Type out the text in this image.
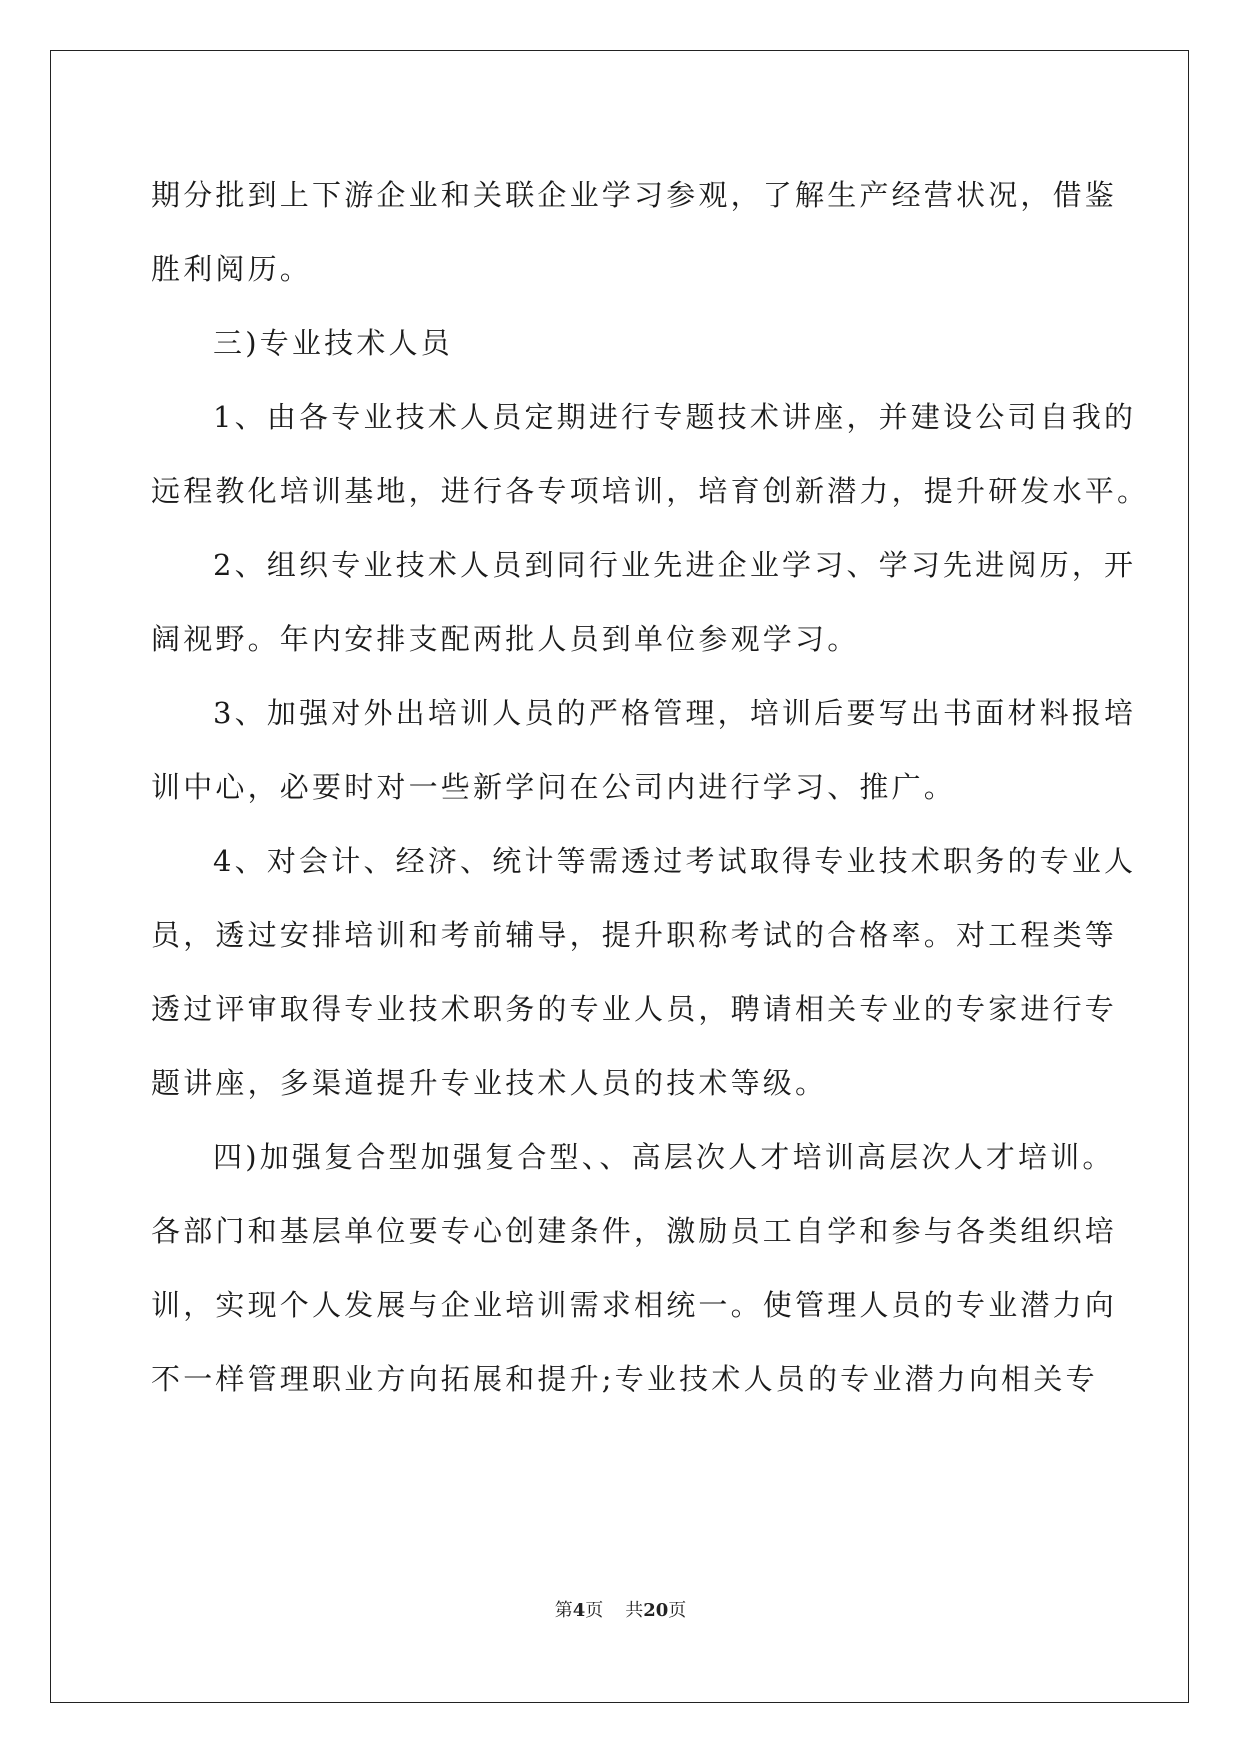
期分批到上下游企业和关联企业学习参观，了解生产经营状况，借鉴
胜利阅历。
三)专业技术人员
1、由各专业技术人员定期进行专题技术讲座，并建设公司自我的
远程教化培训基地，进行各专项培训，培育创新潜力，提升研发水平。
2、组织专业技术人员到同行业先进企业学习、学习先进阅历，开
阔视野。年内安排支配两批人员到单位参观学习。
3、加强对外出培训人员的严格管理，培训后要写出书面材料报培
训中心，必要时对一些新学问在公司内进行学习、推广。
4、对会计、经济、统计等需透过考试取得专业技术职务的专业人
员，透过安排培训和考前辅导，提升职称考试的合格率。对工程类等
透过评审取得专业技术职务的专业人员，聘请相关专业的专家进行专
题讲座，多渠道提升专业技术人员的技术等级。
四)加强复合型加强复合型、、高层次人才培训高层次人才培训。
各部门和基层单位要专心创建条件，激励员工自学和参与各类组织培
训，实现个人发展与企业培训需求相统一。使管理人员的专业潜力向
不一样管理职业方向拓展和提升;专业技术人员的专业潜力向相关专
第4页 共20页
